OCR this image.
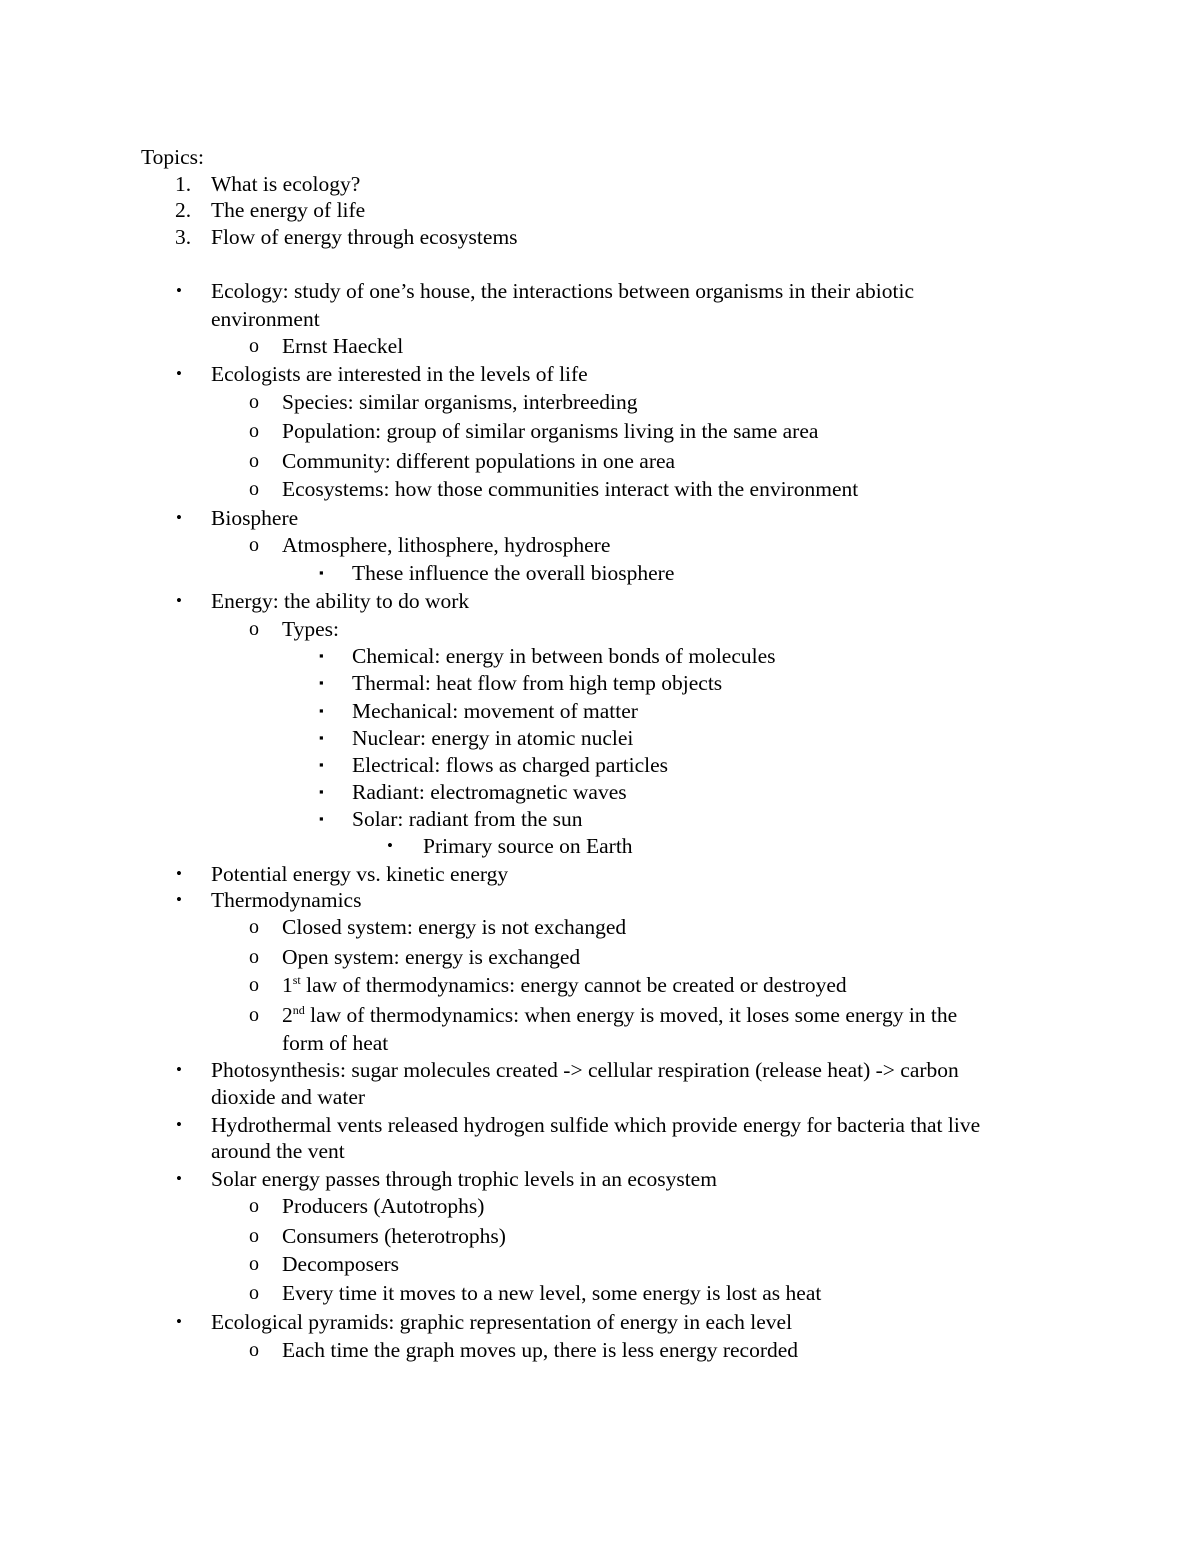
Topics:
1. What is ecology?
2. The energy of life
3. Flow of energy through ecosystems
• Ecology: study of one’s house, the interactions between organisms in their abiotic
environment
o Ernst Haeckel
• Ecologists are interested in the levels of life
o Species: similar organisms, interbreeding
o Population: group of similar organisms living in the same area
o Community: different populations in one area
o Ecosystems: how those communities interact with the environment
• Biosphere
o Atmosphere, lithosphere, hydrosphere
▪ These influence the overall biosphere
• Energy: the ability to do work
o Types:
▪ Chemical: energy in between bonds of molecules
▪ Thermal: heat flow from high temp objects
▪ Mechanical: movement of matter
▪ Nuclear: energy in atomic nuclei
▪ Electrical: flows as charged particles
▪ Radiant: electromagnetic waves
▪ Solar: radiant from the sun
• Primary source on Earth
• Potential energy vs. kinetic energy
• Thermodynamics
o Closed system: energy is not exchanged
o Open system: energy is exchanged
o 1st law of thermodynamics: energy cannot be created or destroyed
o 2nd law of thermodynamics: when energy is moved, it loses some energy in the
form of heat
• Photosynthesis: sugar molecules created -> cellular respiration (release heat) -> carbon
dioxide and water
• Hydrothermal vents released hydrogen sulfide which provide energy for bacteria that live
around the vent
• Solar energy passes through trophic levels in an ecosystem
o Producers (Autotrophs)
o Consumers (heterotrophs)
o Decomposers
o Every time it moves to a new level, some energy is lost as heat
• Ecological pyramids: graphic representation of energy in each level
o Each time the graph moves up, there is less energy recorded
